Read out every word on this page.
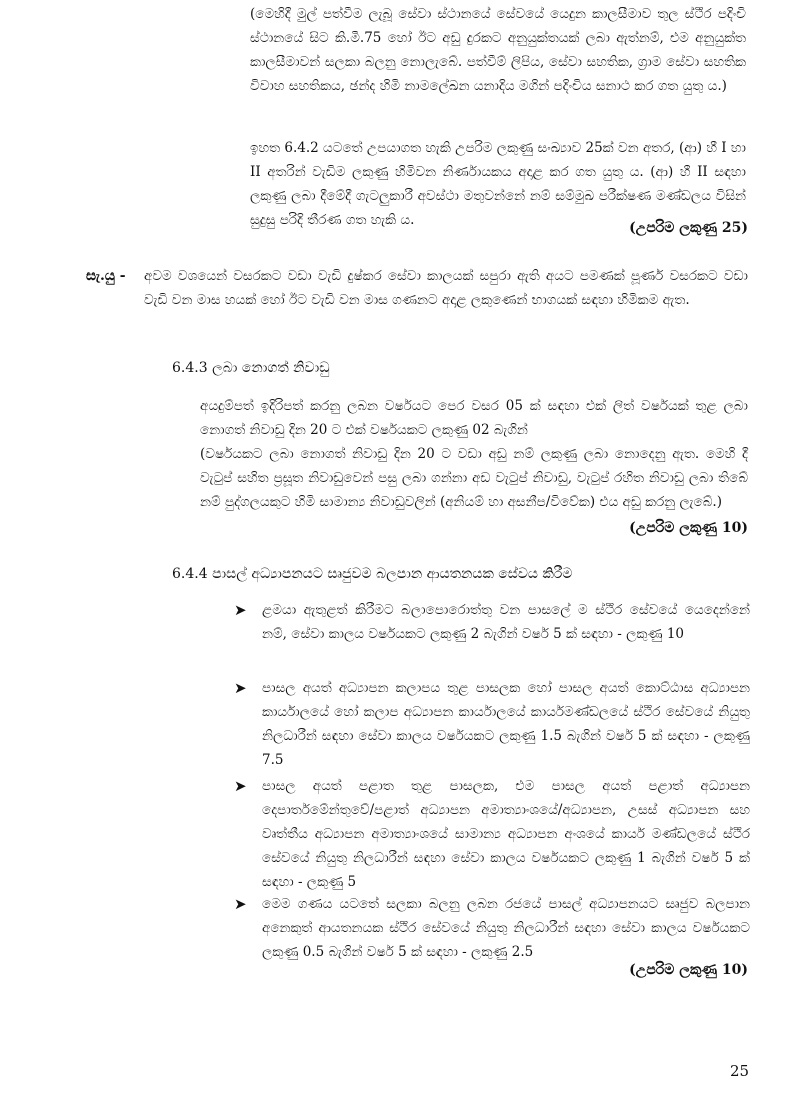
(මෙහිදී මුල් පත්වීම ලැබූ සේවා ස්ථානයේ සේවයේ යෙදුන කාලසීමාව තුල ස්ථිර පදිංචි ස්ථානයේ සිට කි.මී.75 හෝ ඊට අඩු දුරකට අනුයුක්තයක් ලබා ඇත්නම්, එම අනුයුක්ත කාලසීමාවන් සලකා බලනු නොලැබේ. පත්වීම් ලිපිය, සේවා සහතික, ග්‍රාම සේවා සහතික විවාහ සහතිකය, ඡන්ද හිමි නාමලේඛන යනාදිය මගින් පදිංචිය සනාථ කර ගත යුතු ය.)
ඉහත 6.4.2 යටතේ උපයාගත හැකි උපරිම ලකුණු සංඛ්‍යාව 25ක් වන අතර, (ආ) හී I හා II අතරින් වැඩිම ලකුණු හිමිවන නිර්ණායකය අදාළ කර ගත යුතු ය. (ආ) හී II සඳහා ලකුණු ලබා දීමේදී ගැටලුකාරී අවස්ථා මතුවන්නේ නම් සම්මුඛ පරීක්ෂණ මණ්ඩලය විසින් සුදුසු පරිදි තීරණ ගත හැකි ය.	(උපරිම ලකුණු 25)
සැ.යු - අවම වශයෙන් වසරකට වඩා වැඩි දුෂ්කර සේවා කාලයක් සපුරා ඇති අයට පමණක් පූර්ණ වසරකට වඩා වැඩි වන මාස හයක් හෝ ඊට වැඩි වන මාස ගණනට අදාළ ලකුණෙන් භාගයක් සඳහා හිමිකම ඇත.
6.4.3 ලබා නොගත් නිවාඩු
අයදුම්පත් ඉදිරිපත් කරනු ලබන වර්ෂයට පෙර වසර 05 ක් සඳහා එක් ලිත් වර්ෂයක් තුළ ලබා නොගත් නිවාඩු දින 20 ට එක් වර්ෂයකට ලකුණු 02 බැගින්
(වර්ෂයකට ලබා නොගත් නිවාඩු දින 20 ට වඩා අඩු නම් ලකුණු ලබා නොදෙනු ඇත. මෙහි දී වැටුප් සහිත ප්‍රසූත නිවාඩුවෙන් පසු ලබා ගන්නා අඩ වැටුප් නිවාඩු, වැටුප් රහිත නිවාඩු ලබා තිබේ නම් පුද්ගලයකුට හිමි සාමාන්‍ය නිවාඩුවලින් (අනියම් හා අසනීප/විවේක) එය අඩු කරනු ලැබේ.)
(උපරිම ලකුණු 10)
6.4.4 පාසල් අධ්‍යාපනයට සෘජුවම බලපාන ආයතනයක සේවය කිරීම
➤ ළමයා ඇතුළත් කිරීමට බලාපොරොත්තු වන පාසලේ ම ස්ථිර සේවයේ යෙදෙන්නේ නම්, සේවා කාලය වර්ෂයකට ලකුණු 2 බැගින් වර්ෂ 5 ක් සඳහා - ලකුණු 10
➤ පාසල අයත් අධ්‍යාපන කලාපය තුළ පාසලක හෝ පාසල අයත් කොට්ඨාස අධ්‍යාපන කාර්යාලයේ හෝ කලාප අධ්‍යාපන කාර්යාලයේ කාර්යමණ්ඩලයේ ස්ථිර සේවයේ නියුතු නිලධාරීන් සඳහා සේවා කාලය වර්ෂයකට ලකුණු 1.5 බැගින් වර්ෂ 5 ක් සඳහා - ලකුණු 7.5
➤ පාසල අයත් පළාත තුළ පාසලක, එම පාසල අයත් පළාත් අධ්‍යාපන දෙපාර්තමේන්තුවේ/පළාත් අධ්‍යාපන අමාත්‍යාංශයේ/අධ්‍යාපන, උසස් අධ්‍යාපන සහ වෘත්තීය අධ්‍යාපන අමාත්‍යාංශයේ සාමාන්‍ය අධ්‍යාපන අංශයේ කාර්ය මණ්ඩලයේ ස්ථිර සේවයේ නියුතු නිලධාරීන් සඳහා සේවා කාලය වර්ෂයකට ලකුණු 1 බැගින් වර්ෂ 5 ක් සඳහා - ලකුණු 5
➤ මෙම ගණය යටතේ සලකා බලනු ලබන රජයේ පාසල් අධ්‍යාපනයට සෘජුව බලපාන අනෙකුත් ආයතනයක ස්ථිර සේවයේ නියුතු නිලධාරීන් සඳහා සේවා කාලය වර්ෂයකට ලකුණු 0.5 බැගින් වර්ෂ 5 ක් සඳහා - ලකුණු 2.5
(උපරිම ලකුණු 10)
25
